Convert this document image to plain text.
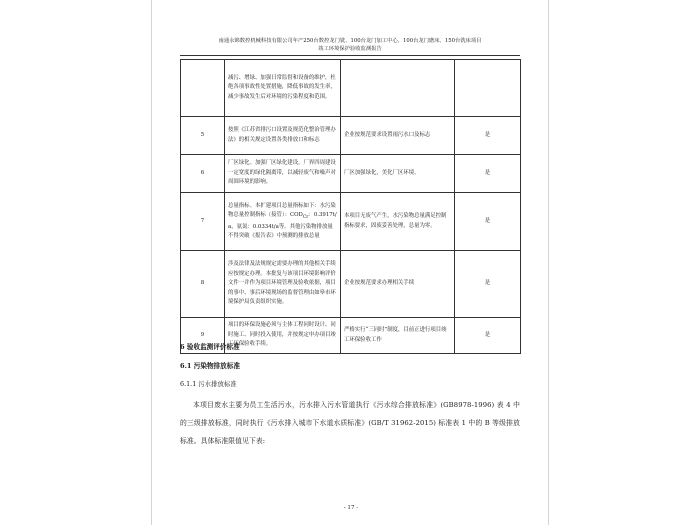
南通永锦数控机械科技有限公司年产250台数控龙门铣、100台龙门加工中心、100台龙门磨床、150台铣床项目
竣工环境保护验收监测报告
	减污、增绿、加强日常监督和设备的维护，杜绝各项事故性处置措施，降低事故的发生率，减少事故发生后对环境的污染程度和范围。		
5	按照《江苏省排污口设置及规范化整治管理办法》的相关规定设置各类排放口和标志	企业按规范要求设置雨污水口及标志	是
6	厂区绿化。加强厂区绿化建设，厂界四周建设一定宽度的绿化隔离带，以减轻废气和噪声对周围环境的影响。	厂区加强绿化，美化厂区环境。	是
7	总量指标。本扩建项目总量指标如下：水污染物总量控制指标（接管）：$COD_{Cr}$：0.3917t/a，氨氮：0.0334t/a等。其他污染物排放量不得突破《报告表》中预测的排放总量	本项目无废气产生，水污染物总量满足控制指标要求，固废妥善处理，总量为零。	是
8	涉及法律及法规规定需要办理的其他相关手续应按规定办理。本批复与该项目环境影响评价文件一并作为项目环境管理及验收依据，项目的事中、事后环境现场的监督管理由如皋市环境保护局负责组织实施。	企业按规范要求办理相关手续	是
9	项目的环保设施必须与主体工程同时设计、同时施工、同时投入使用，并按规定申办项目竣工环保验收手续。	严格实行“三同时”制度，目前正进行项目竣工环保验收工作	是
6 验收监测评价标准
6.1 污染物排放标准
6.1.1 污水排放标准
本项目废水主要为员工生活污水，污水排入污水管道执行《污水综合排放标准》(GB8978-1996) 表 4 中的三级排放标准，同时执行《污水排入城市下水道水质标准》(GB/T 31962-2015) 标准表 1 中的 B 等级排放标准。具体标准限值见下表:
- 17 -
